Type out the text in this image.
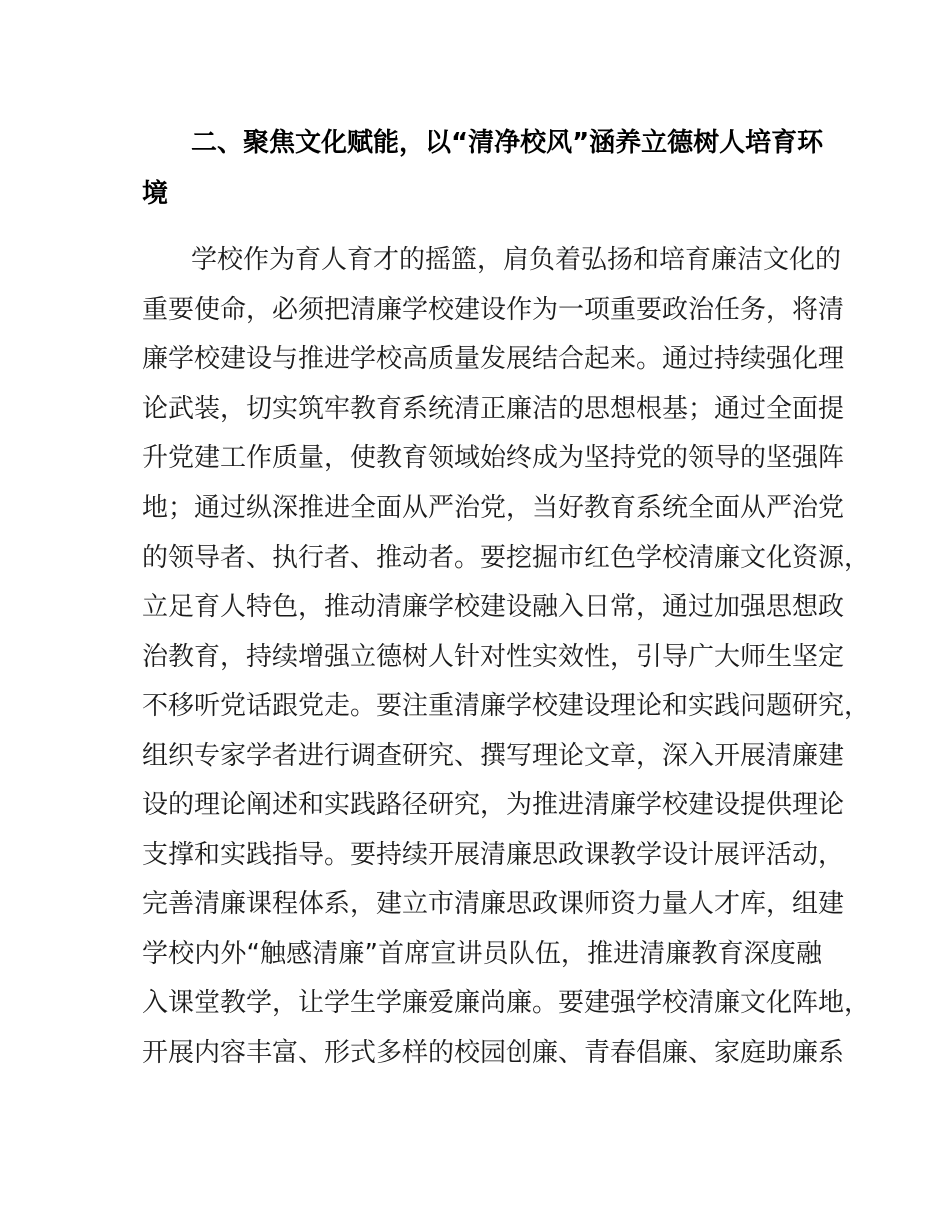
二、聚焦文化赋能，以“清净校风”涵养立德树人培育环
境
学校作为育人育才的摇篮，肩负着弘扬和培育廉洁文化的
重要使命，必须把清廉学校建设作为一项重要政治任务，将清
廉学校建设与推进学校高质量发展结合起来。通过持续强化理
论武装，切实筑牢教育系统清正廉洁的思想根基；通过全面提
升党建工作质量，使教育领域始终成为坚持党的领导的坚强阵
地；通过纵深推进全面从严治党，当好教育系统全面从严治党
的领导者、执行者、推动者。要挖掘市红色学校清廉文化资源，
立足育人特色，推动清廉学校建设融入日常，通过加强思想政
治教育，持续增强立德树人针对性实效性，引导广大师生坚定
不移听党话跟党走。要注重清廉学校建设理论和实践问题研究，
组织专家学者进行调查研究、撰写理论文章，深入开展清廉建
设的理论阐述和实践路径研究，为推进清廉学校建设提供理论
支撑和实践指导。要持续开展清廉思政课教学设计展评活动，
完善清廉课程体系，建立市清廉思政课师资力量人才库，组建
学校内外“触感清廉”首席宣讲员队伍，推进清廉教育深度融
入课堂教学，让学生学廉爱廉尚廉。要建强学校清廉文化阵地，
开展内容丰富、形式多样的校园创廉、青春倡廉、家庭助廉系
